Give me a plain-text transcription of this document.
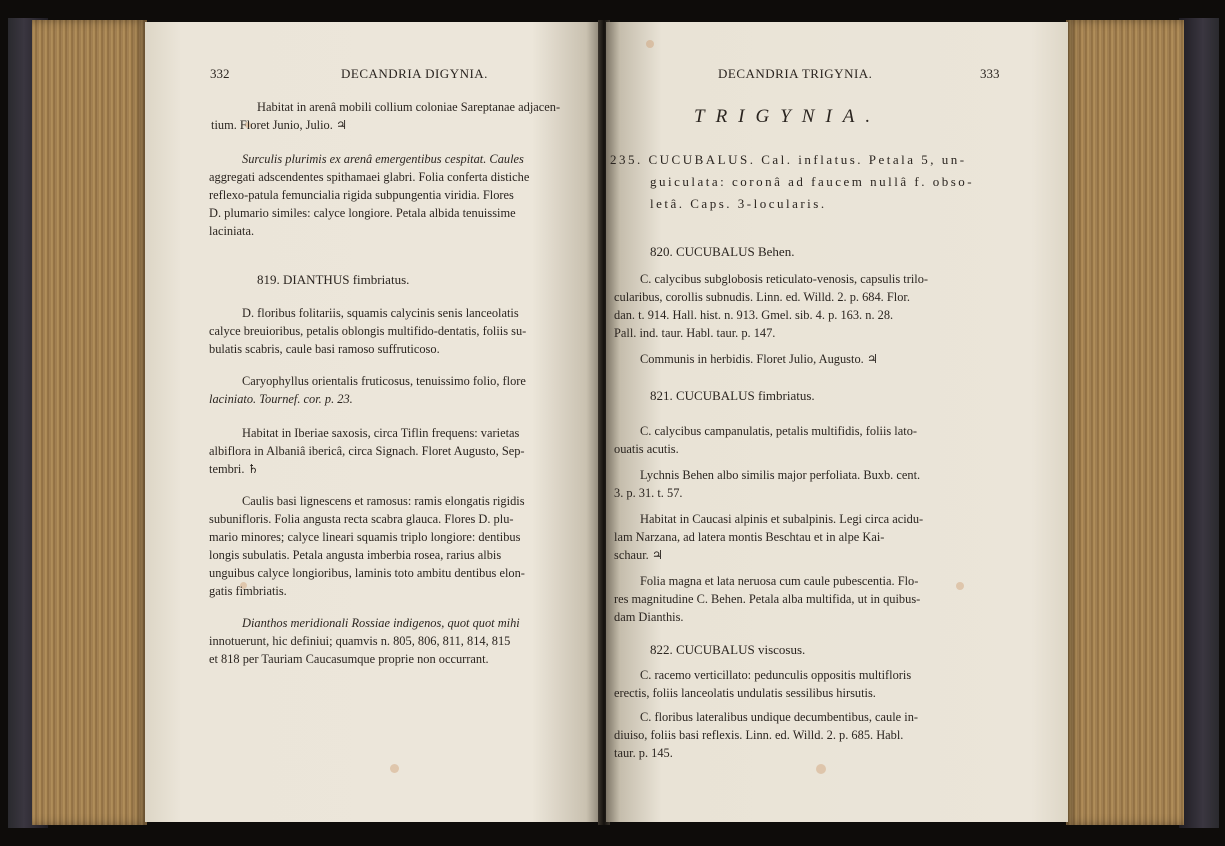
332	DECANDRIA DIGYNIA.
Habitat in arenâ mobili collium coloniae Sareptanae adjacen-
tium. Floret Junio, Julio. ♃
Surculis plurimis ex arenâ emergentibus cespitat. Caules
aggregati adscendentes spithamaei glabri. Folia conferta distiche
reflexo-patula femuncialia rigida subpungentia viridia. Flores
D. plumario similes: calyce longiore. Petala albida tenuissime
laciniata.
819. DIANTHUS fimbriatus.
D. floribus folitariis, squamis calycinis senis lanceolatis
calyce breuioribus, petalis oblongis multifido-dentatis, foliis su-
bulatis scabris, caule basi ramoso suffruticoso.
Caryophyllus orientalis fruticosus, tenuissimo folio, flore
laciniato. Tournef. cor. p. 23.
Habitat in Iberiae saxosis, circa Tiflin frequens: varietas
albiflora in Albaniâ ibericâ, circa Signach. Floret Augusto, Sep-
tembri. ♄
Caulis basi lignescens et ramosus: ramis elongatis rigidis
subunifloris. Folia angusta recta scabra glauca. Flores D. plu-
mario minores; calyce lineari squamis triplo longiore: dentibus
longis subulatis. Petala angusta imberbia rosea, rarius albis
unguibus calyce longioribus, laminis toto ambitu dentibus elon-
gatis fimbriatis.
Dianthos meridionali Rossiae indigenos, quot quot mihi
innotuerunt, hic definiui; quamvis n. 805, 806, 811, 814, 815
et 818 per Tauriam Caucasumque proprie non occurrant.
DECANDRIA TRIGYNIA.	333
TRIGYNIA.
235. CUCUBALUS. Cal. inflatus. Petala 5, un-
guiculata: coronâ ad faucem nullâ f. obso-
letâ. Caps. 3-locularis.
820. CUCUBALUS Behen.
C. calycibus subglobosis reticulato-venosis, capsulis trilo-
cularibus, corollis subnudis. Linn. ed. Willd. 2. p. 684. Flor.
dan. t. 914. Hall. hist. n. 913. Gmel. sib. 4. p. 163. n. 28.
Pall. ind. taur. Habl. taur. p. 147.
Communis in herbidis. Floret Julio, Augusto. ♃
821. CUCUBALUS fimbriatus.
C. calycibus campanulatis, petalis multifidis, foliis lato-
ouatis acutis.
Lychnis Behen albo similis major perfoliata. Buxb. cent.
3. p. 31. t. 57.
Habitat in Caucasi alpinis et subalpinis. Legi circa acidu-
lam Narzana, ad latera montis Beschtau et in alpe Kai-
schaur. ♃
Folia magna et lata neruosa cum caule pubescentia. Flo-
res magnitudine C. Behen. Petala alba multifida, ut in quibus-
dam Dianthis.
822. CUCUBALUS viscosus.
C. racemo verticillato: pedunculis oppositis multifloris
erectis, foliis lanceolatis undulatis sessilibus hirsutis.
C. floribus lateralibus undique decumbentibus, caule in-
diuiso, foliis basi reflexis. Linn. ed. Willd. 2. p. 685. Habl.
taur. p. 145.
